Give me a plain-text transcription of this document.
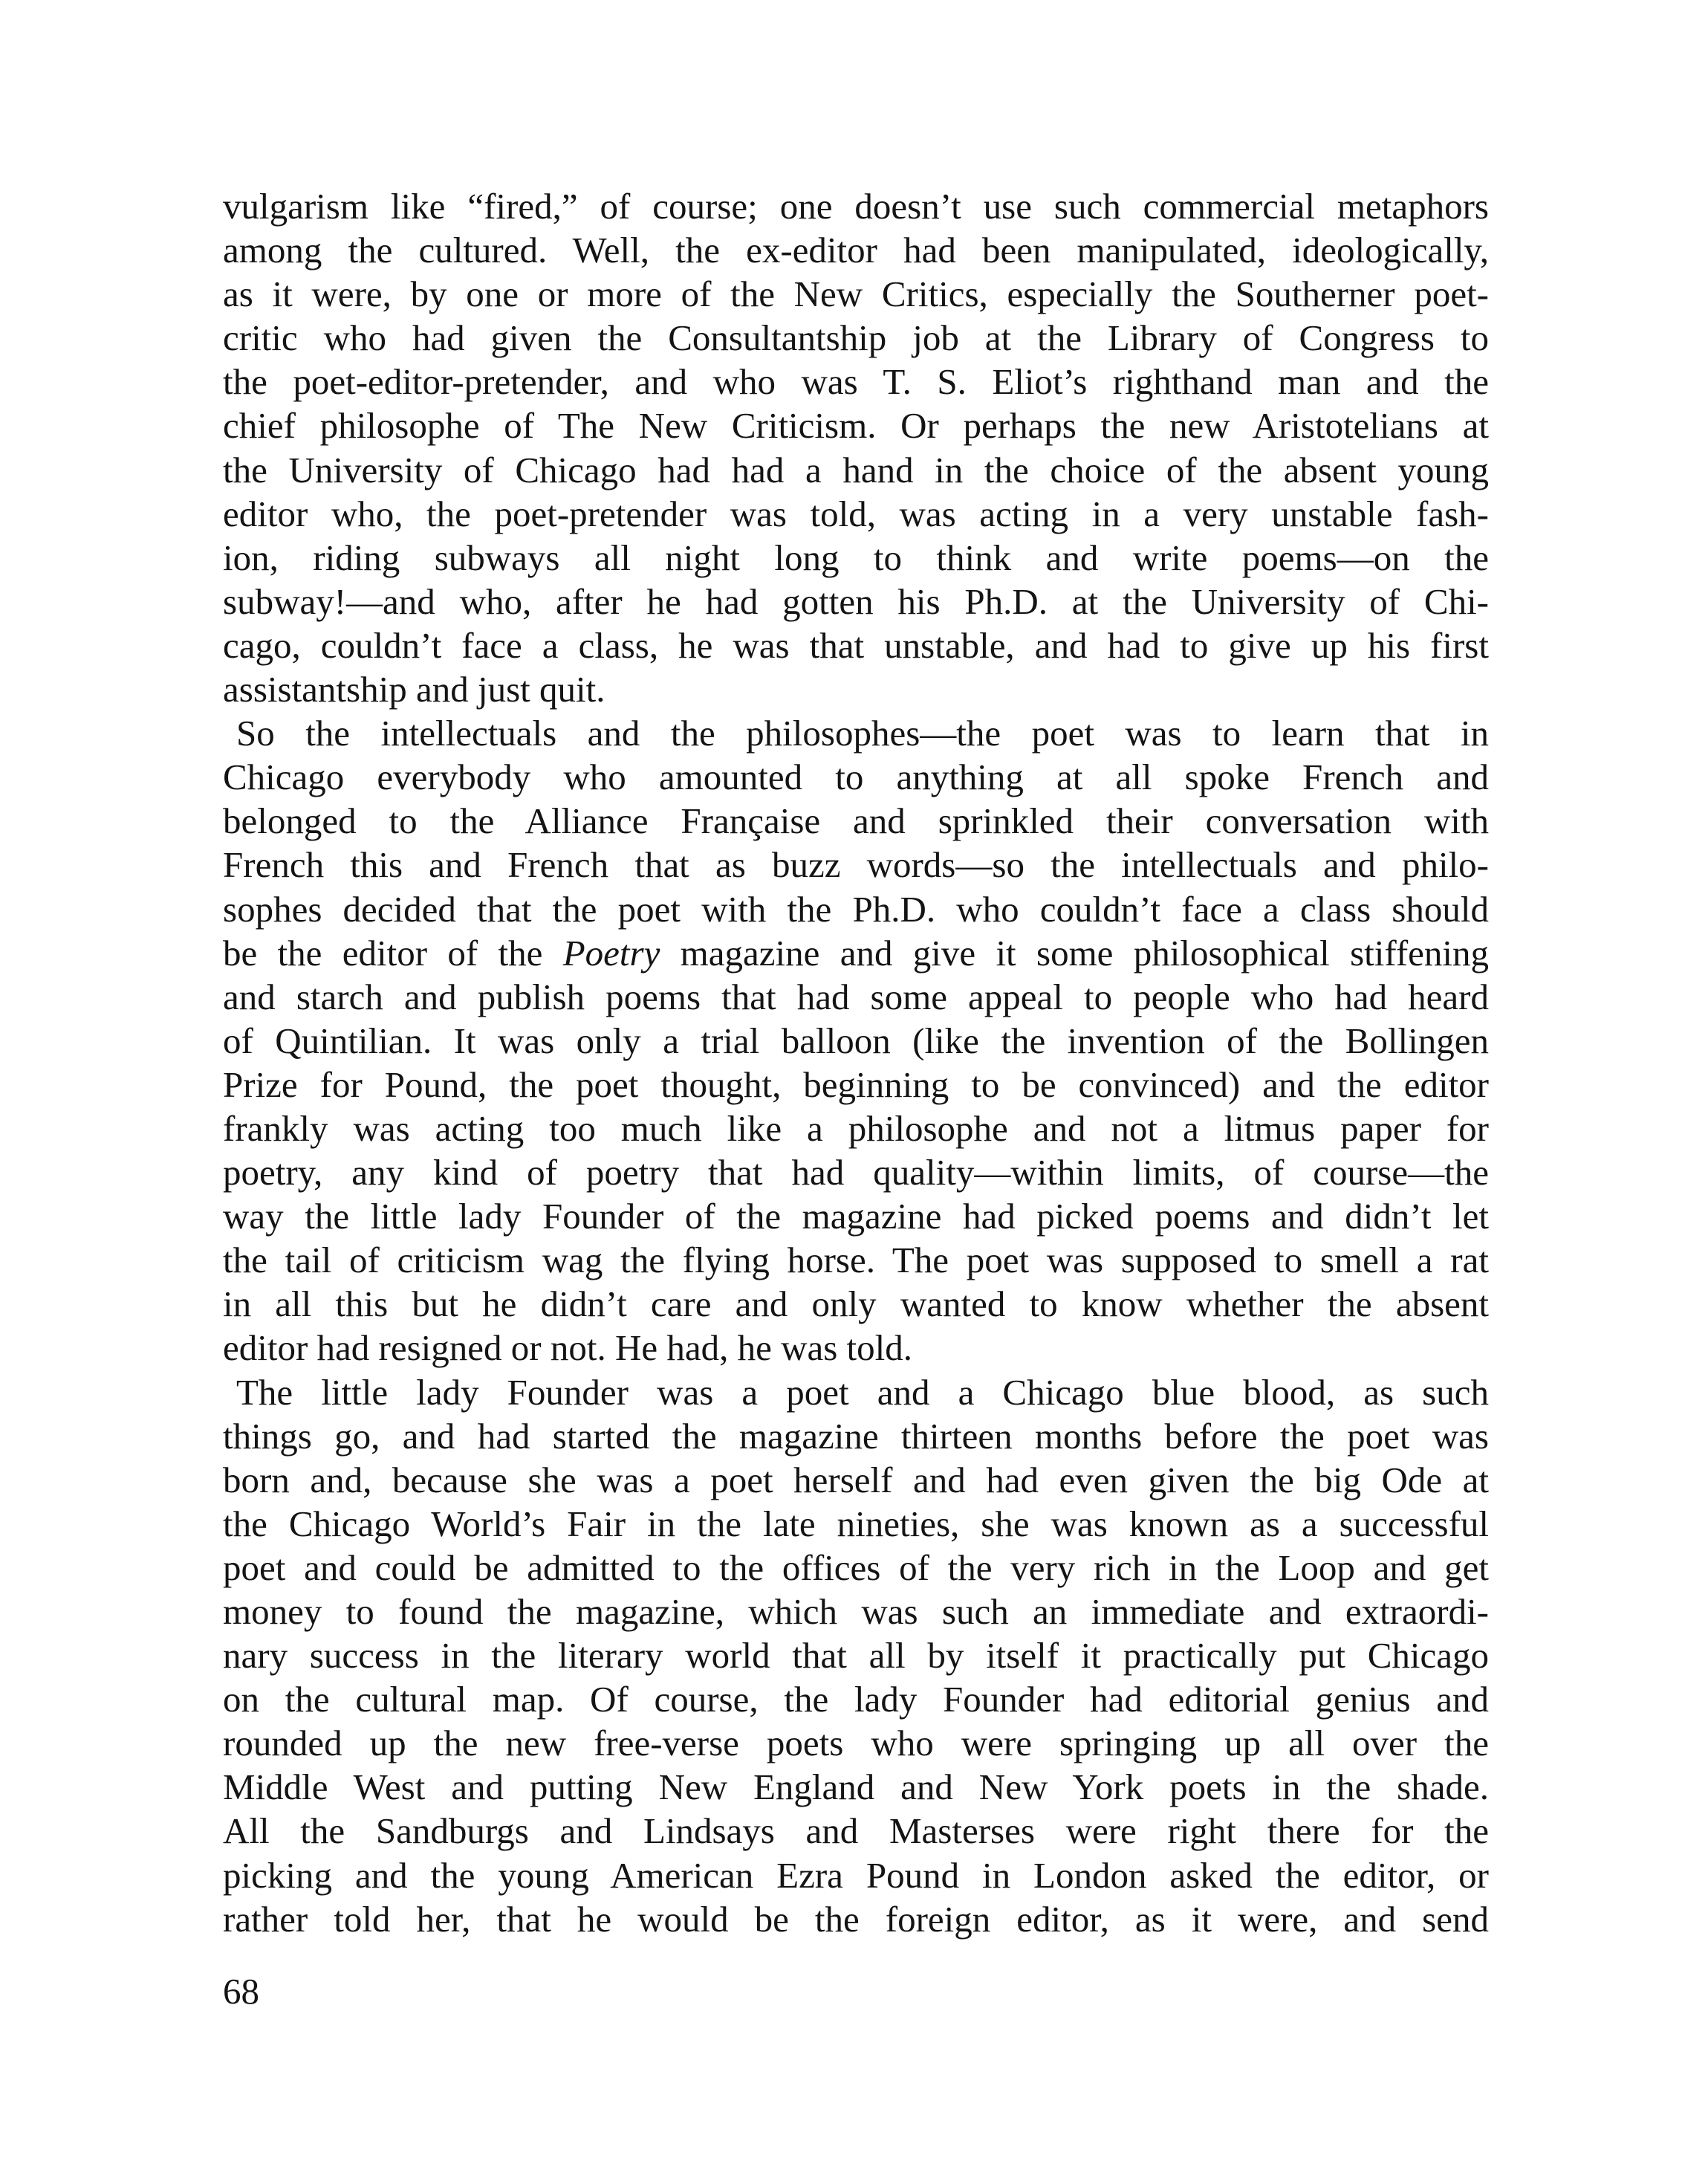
vulgarism like “fired,” of course; one doesn’t use such commercial metaphors
among the cultured. Well, the ex-editor had been manipulated, ideologically,
as it were, by one or more of the New Critics, especially the Southerner poet-
critic who had given the Consultantship job at the Library of Congress to
the poet-editor-pretender, and who was T. S. Eliot’s righthand man and the
chief philosophe of The New Criticism. Or perhaps the new Aristotelians at
the University of Chicago had had a hand in the choice of the absent young
editor who, the poet-pretender was told, was acting in a very unstable fash-
ion, riding subways all night long to think and write poems—on the
subway!—and who, after he had gotten his Ph.D. at the University of Chi-
cago, couldn’t face a class, he was that unstable, and had to give up his first
assistantship and just quit.
So the intellectuals and the philosophes—the poet was to learn that in
Chicago everybody who amounted to anything at all spoke French and
belonged to the Alliance Française and sprinkled their conversation with
French this and French that as buzz words—so the intellectuals and philo-
sophes decided that the poet with the Ph.D. who couldn’t face a class should
be the editor of the Poetry magazine and give it some philosophical stiffening
and starch and publish poems that had some appeal to people who had heard
of Quintilian. It was only a trial balloon (like the invention of the Bollingen
Prize for Pound, the poet thought, beginning to be convinced) and the editor
frankly was acting too much like a philosophe and not a litmus paper for
poetry, any kind of poetry that had quality—within limits, of course—the
way the little lady Founder of the magazine had picked poems and didn’t let
the tail of criticism wag the flying horse. The poet was supposed to smell a rat
in all this but he didn’t care and only wanted to know whether the absent
editor had resigned or not. He had, he was told.
The little lady Founder was a poet and a Chicago blue blood, as such
things go, and had started the magazine thirteen months before the poet was
born and, because she was a poet herself and had even given the big Ode at
the Chicago World’s Fair in the late nineties, she was known as a successful
poet and could be admitted to the offices of the very rich in the Loop and get
money to found the magazine, which was such an immediate and extraordi-
nary success in the literary world that all by itself it practically put Chicago
on the cultural map. Of course, the lady Founder had editorial genius and
rounded up the new free-verse poets who were springing up all over the
Middle West and putting New England and New York poets in the shade.
All the Sandburgs and Lindsays and Masterses were right there for the
picking and the young American Ezra Pound in London asked the editor, or
rather told her, that he would be the foreign editor, as it were, and send
68
